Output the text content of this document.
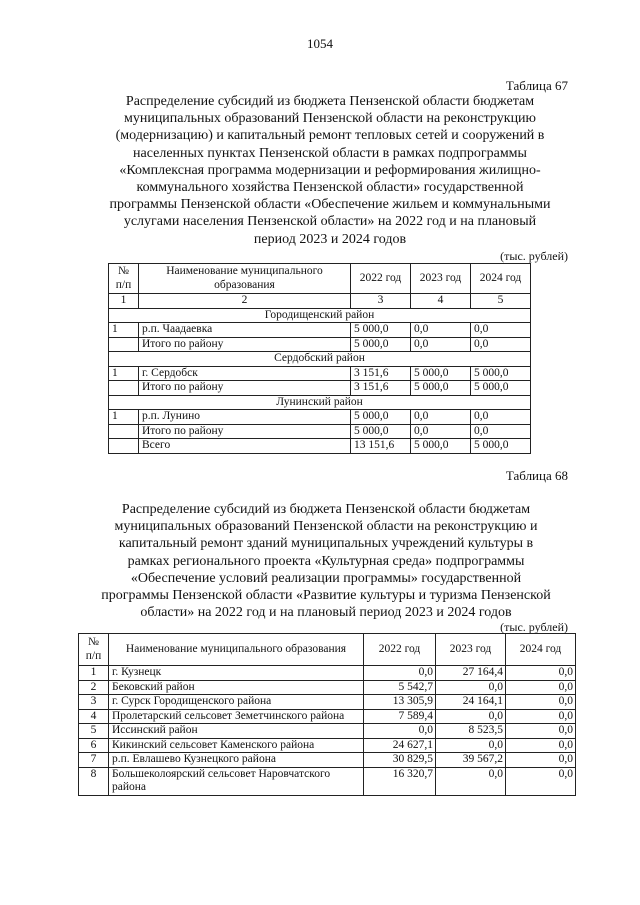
1054
Таблица 67
Распределение субсидий из бюджета Пензенской области бюджетам
муниципальных образований Пензенской области на реконструкцию
(модернизацию) и капитальный ремонт тепловых сетей и сооружений в
населенных пунктах Пензенской области в рамках подпрограммы
«Комплексная программа модернизации и реформирования жилищно-
коммунального хозяйства Пензенской области» государственной
программы Пензенской области «Обеспечение жильем и коммунальными
услугами населения Пензенской области» на 2022 год и на плановый
период 2023 и 2024 годов
(тыс. рублей)
№ п/п	Наименование муниципального образования	2022 год	2023 год	2024 год
1	2	3	4	5
Городищенский район				
1	р.п. Чаадаевка	5 000,0	0,0	0,0
	Итого по району	5 000,0	0,0	0,0
Сердобский район				
1	г. Сердобск	3 151,6	5 000,0	5 000,0
	Итого по району	3 151,6	5 000,0	5 000,0
Лунинский район				
1	р.п. Лунино	5 000,0	0,0	0,0
	Итого по району	5 000,0	0,0	0,0
	Всего	13 151,6	5 000,0	5 000,0
Таблица 68
Распределение субсидий из бюджета Пензенской области бюджетам
муниципальных образований Пензенской области на реконструкцию и
капитальный ремонт зданий муниципальных учреждений культуры в
рамках регионального проекта «Культурная среда» подпрограммы
«Обеспечение условий реализации программы» государственной
программы Пензенской области «Развитие культуры и туризма Пензенской
области» на 2022 год и на плановый период 2023 и 2024 годов
(тыс. рублей)
№ п/п	Наименование муниципального образования	2022 год	2023 год	2024 год
1	г. Кузнецк	0,0	27 164,4	0,0
2	Бековский район	5 542,7	0,0	0,0
3	г. Сурск Городищенского района	13 305,9	24 164,1	0,0
4	Пролетарский сельсовет Земетчинского района	7 589,4	0,0	0,0
5	Иссинский район	0,0	8 523,5	0,0
6	Кикинский сельсовет Каменского района	24 627,1	0,0	0,0
7	р.п. Евлашево Кузнецкого района	30 829,5	39 567,2	0,0
8	Большеколоярский сельсовет Наровчатского района	16 320,7	0,0	0,0
